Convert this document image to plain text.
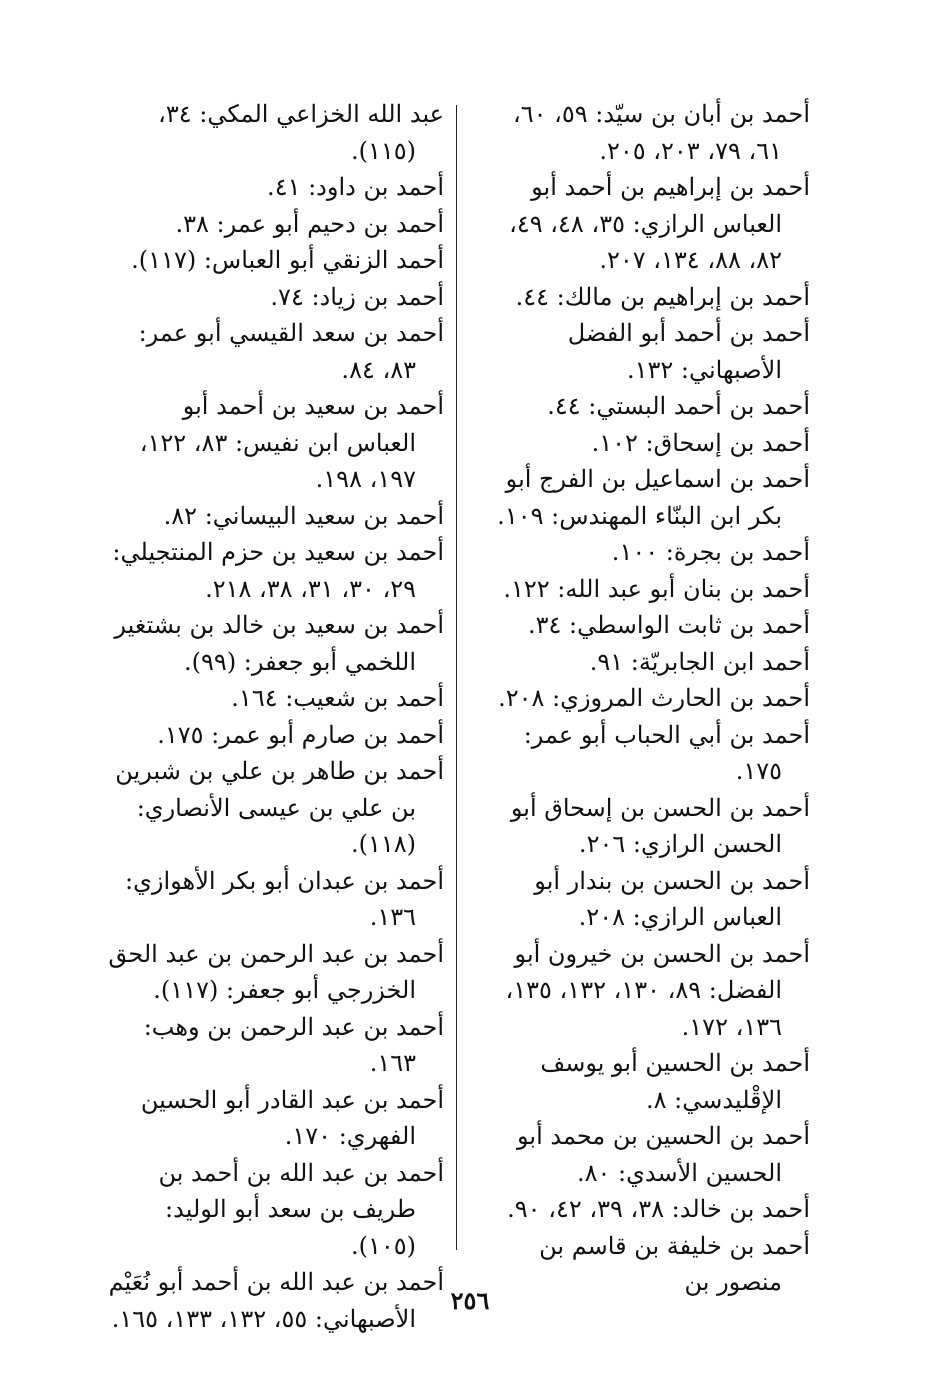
أحمد بن أبان بن سيّد: ٥٩، ٦٠، ٦١، ٧٩، ٢٠٣، ٢٠٥.

أحمد بن إبراهيم بن أحمد أبو العباس الرازي: ٣٥، ٤٨، ٤٩، ٨٢، ٨٨، ١٣٤، ٢٠٧.

أحمد بن إبراهيم بن مالك: ٤٤.

أحمد بن أحمد أبو الفضل الأصبهاني: ١٣٢.

أحمد بن أحمد البستي: ٤٤.

أحمد بن إسحاق: ١٠٢.

أحمد بن اسماعيل بن الفرج أبو بكر ابن البنّاء المهندس: ١٠٩.

أحمد بن بجرة: ١٠٠.

أحمد بن بنان أبو عبد الله: ١٢٢.

أحمد بن ثابت الواسطي: ٣٤.

أحمد ابن الجابريّة: ٩١.

أحمد بن الحارث المروزي: ٢٠٨.

أحمد بن أبي الحباب أبو عمر: ١٧٥.

أحمد بن الحسن بن إسحاق أبو الحسن الرازي: ٢٠٦.

أحمد بن الحسن بن بندار أبو العباس الرازي: ٢٠٨.

أحمد بن الحسن بن خيرون أبو الفضل: ٨٩، ١٣٠، ١٣٢، ١٣٥، ١٣٦، ١٧٢.

أحمد بن الحسين أبو يوسف الإقْليدسي: ٨.

أحمد بن الحسين بن محمد أبو الحسين الأسدي: ٨٠.

أحمد بن خالد: ٣٨، ٣٩، ٤٢، ٩٠.

أحمد بن خليفة بن قاسم بن منصور بن

عبد الله الخزاعي المكي: ٣٤، (١١٥).

أحمد بن داود: ٤١.

أحمد بن دحيم أبو عمر: ٣٨.

أحمد الزنقي أبو العباس: (١١٧).

أحمد بن زياد: ٧٤.

أحمد بن سعد القيسي أبو عمر: ٨٣، ٨٤.

أحمد بن سعيد بن أحمد أبو العباس ابن نفيس: ٨٣، ١٢٢، ١٩٧، ١٩٨.

أحمد بن سعيد البيساني: ٨٢.

أحمد بن سعيد بن حزم المنتجيلي: ٢٩، ٣٠، ٣١، ٣٨، ٢١٨.

أحمد بن سعيد بن خالد بن بشتغير اللخمي أبو جعفر: (٩٩).

أحمد بن شعيب: ١٦٤.

أحمد بن صارم أبو عمر: ١٧٥.

أحمد بن طاهر بن علي بن شبرين بن علي بن عيسى الأنصاري: (١١٨).

أحمد بن عبدان أبو بكر الأهوازي: ١٣٦.

أحمد بن عبد الرحمن بن عبد الحق الخزرجي أبو جعفر: (١١٧).

أحمد بن عبد الرحمن بن وهب: ١٦٣.

أحمد بن عبد القادر أبو الحسين الفهري: ١٧٠.

أحمد بن عبد الله بن أحمد بن طريف بن سعد أبو الوليد: (١٠٥).

أحمد بن عبد الله بن أحمد أبو نُعَيْم الأصبهاني: ٥٥، ١٣٢، ١٣٣، ١٦٥.

٢٥٦
